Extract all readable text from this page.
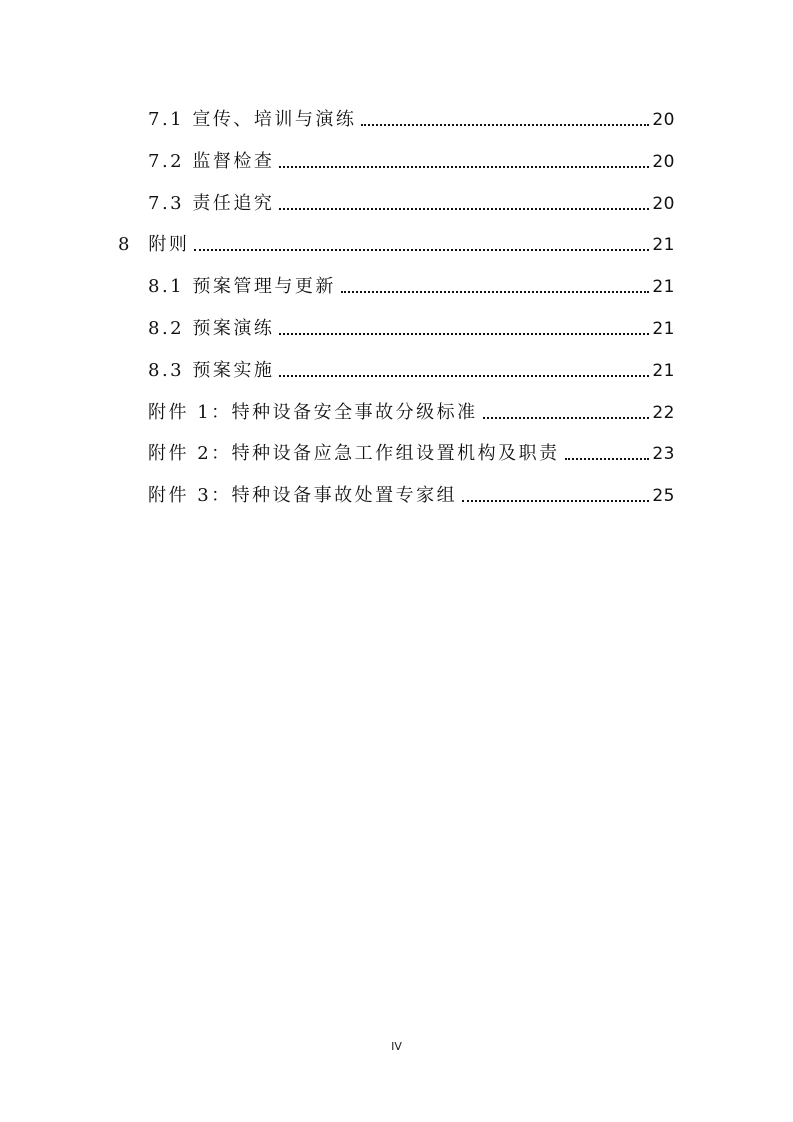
7.1 宣传、培训与演练	20
7.2 监督检查	20
7.3 责任追究	20
8  附则	21
8.1 预案管理与更新	21
8.2 预案演练	21
8.3 预案实施	21
附件 1：特种设备安全事故分级标准	22
附件 2：特种设备应急工作组设置机构及职责	23
附件 3：特种设备事故处置专家组	25
IV
